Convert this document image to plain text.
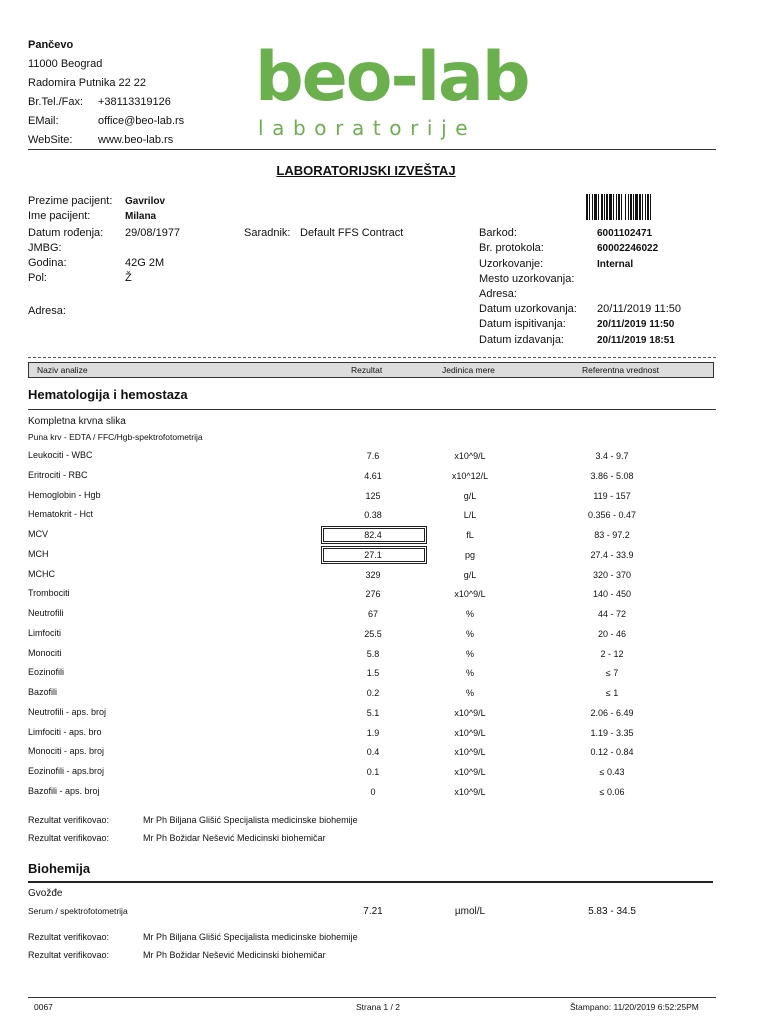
Pančevo
11000 Beograd
Radomira Putnika 22 22
Br.Tel./Fax:	+38113319126
EMail:	office@beo-lab.rs
WebSite:	www.beo-lab.rs
beo-lab
laboratorije
LABORATORIJSKI IZVEŠTAJ
Prezime pacijent: Gavrilov
Ime pacijent:	Milana
Datum rođenja: 29/08/1977
JMBG:
Godina:	42G 2M
Pol:	Ž
Adresa:
Saradnik: Default FFS Contract	Barkod:	6001102471
Br. protokola:	60002246022
Uzorkovanje:	Internal
Mesto uzorkovanja:
Adresa:
Datum uzorkovanja: 20/11/2019 11:50
Datum ispitivanja:	20/11/2019 11:50
Datum izdavanja:	20/11/2019 18:51
Naziv analize	Rezultat	Jedinica mere	Referentna vrednost
Hematologija i hemostaza
Kompletna krvna slika
Puna krv - EDTA / FFC/Hgb-spektrofotometrija
Leukociti - WBC	7.6	x10^9/L	3.4 - 9.7
Eritrociti - RBC	4.61	x10^12/L	3.86 - 5.08
Hemoglobin - Hgb	125	g/L	119 - 157
Hematokrit - Hct	0.38	L/L	0.356 - 0.47
MCV	82.4	fL	83 - 97.2
MCH	27.1	pg	27.4 - 33.9
MCHC	329	g/L	320 - 370
Trombociti	276	x10^9/L	140 - 450
Neutrofili	67	%	44 - 72
Limfociti	25.5	%	20 - 46
Monociti	5.8	%	2 - 12
Eozinofili	1.5	%	≤ 7
Bazofili	0.2	%	≤ 1
Neutrofili - aps. broj	5.1	x10^9/L	2.06 - 6.49
Limfociti - aps. bro	1.9	x10^9/L	1.19 - 3.35
Monociti - aps. broj	0.4	x10^9/L	0.12 - 0.84
Eozinofili - aps.broj	0.1	x10^9/L	≤ 0.43
Bazofili - aps. broj	0	x10^9/L	≤ 0.06
Rezultat verifikovao:	Mr Ph Biljana Glišić Specijalista medicinske biohemije
Rezultat verifikovao:	Mr Ph Božidar Nešević Medicinski biohemičar
Biohemija
Gvožđe
Serum / spektrofotometrija	7.21	µmol/L	5.83 - 34.5
Rezultat verifikovao:	Mr Ph Biljana Glišić Specijalista medicinske biohemije
Rezultat verifikovao:	Mr Ph Božidar Nešević Medicinski biohemičar
0067	Strana 1 / 2	Štampano: 11/20/2019 6:52:25PM
